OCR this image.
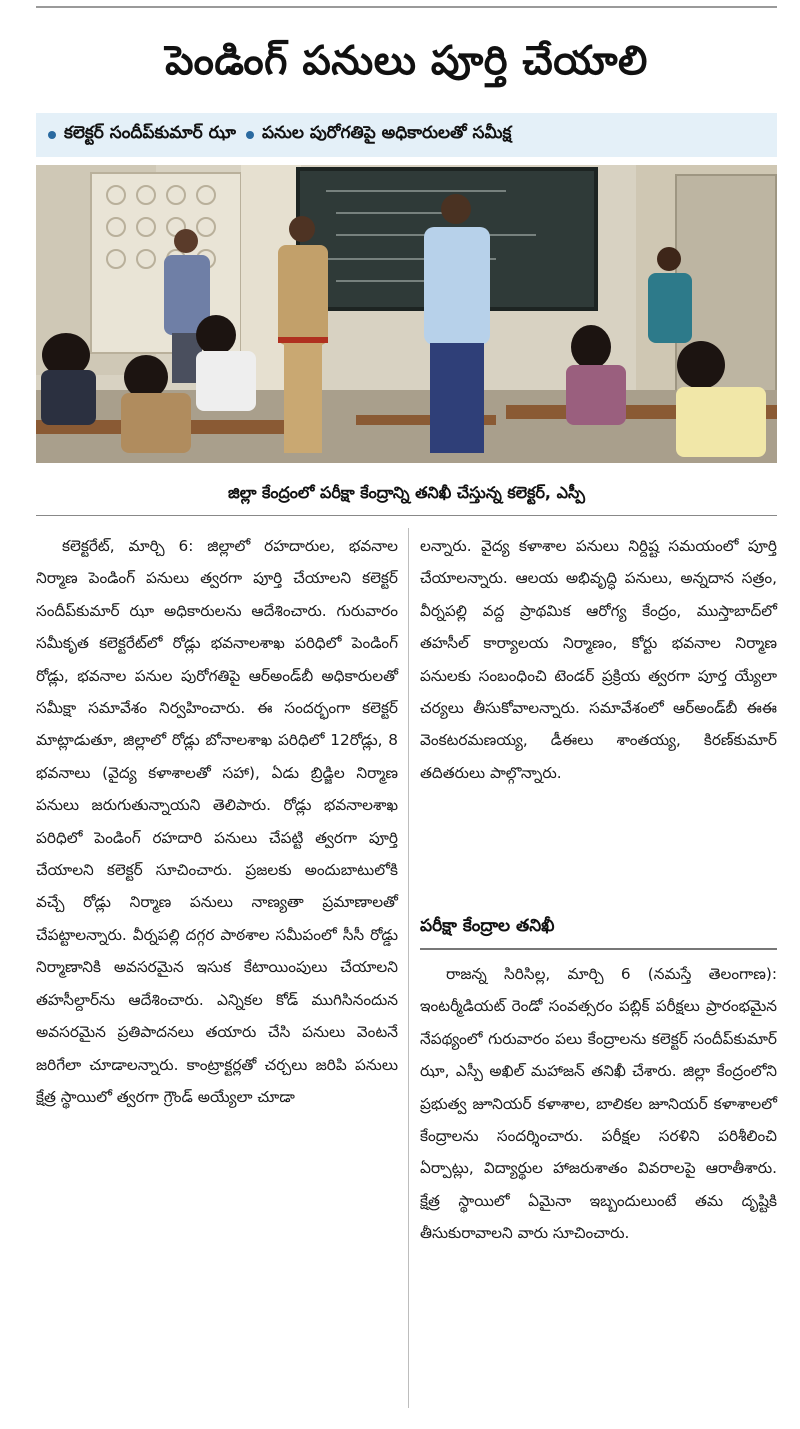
పెండింగ్ పనులు పూర్తి చేయాలి
కలెక్టర్ సందీప్‌కుమార్ ఝా పనుల పురోగతిపై అధికారులతో సమీక్ష
జిల్లా కేంద్రంలో పరీక్షా కేంద్రాన్ని తనిఖీ చేస్తున్న కలెక్టర్, ఎస్పీ

కలెక్టరేట్, మార్చి 6: జిల్లాలో రహదారుల, భవనాల నిర్మాణ పెండింగ్ పనులు త్వరగా పూర్తి చేయాలని కలెక్టర్ సందీప్‌కుమార్ ఝా అధికారులను ఆదేశించారు. గురువారం సమీకృత కలెక్టరేట్‌లో రోడ్లు భవనాలశాఖ పరిధిలో పెండింగ్ రోడ్లు, భవనాల పనుల పురోగతిపై ఆర్అండ్‌బీ అధికారులతో సమీక్షా సమావేశం నిర్వహించారు. ఈ సందర్భంగా కలెక్టర్ మాట్లాడుతూ, జిల్లాలో రోడ్లు బోనాలశాఖ పరిధిలో 12రోడ్లు, 8 భవనాలు (వైద్య కళాశాలతో సహా), ఏడు బ్రిడ్జిల నిర్మాణ పనులు జరుగుతున్నాయని తెలిపారు. రోడ్లు భవనాలశాఖ పరిధిలో పెండింగ్ రహదారి పనులు చేపట్టి త్వరగా పూర్తి చేయాలని కలెక్టర్ సూచించారు. ప్రజలకు అందుబాటులోకి వచ్చే రోడ్లు నిర్మాణ పనులు నాణ్యతా ప్రమాణాలతో చేపట్టాలన్నారు. వీర్నపల్లి దగ్గర పాఠశాల సమీపంలో సీసీ రోడ్డు నిర్మాణానికి అవసరమైన ఇసుక కేటాయింపులు చేయాలని తహసీల్దార్‌ను ఆదేశించారు. ఎన్నికల కోడ్ ముగిసినందున అవసరమైన ప్రతిపాదనలు తయారు చేసి పనులు వెంటనే జరిగేలా చూడాలన్నారు. కాంట్రాక్టర్లతో చర్చలు జరిపి పనులు క్షేత్ర స్థాయిలో త్వరగా గ్రౌండ్ అయ్యేలా చూడా

లన్నారు. వైద్య కళాశాల పనులు నిర్దిష్ట సమయంలో పూర్తి చేయాలన్నారు. ఆలయ అభివృద్ధి పనులు, అన్నదాన సత్రం, వీర్నపల్లి వద్ద ప్రాథమిక ఆరోగ్య కేంద్రం, ముస్తాబాద్‌లో తహసీల్ కార్యాలయ నిర్మాణం, కోర్టు భవనాల నిర్మాణ పనులకు సంబంధించి టెండర్ ప్రక్రియ త్వరగా పూర్త య్యేలా చర్యలు తీసుకోవాలన్నారు. సమావేశంలో ఆర్అండ్‌బీ ఈఈ వెంకటరమణయ్య, డీఈలు శాంతయ్య, కిరణ్‌కుమార్ తదితరులు పాల్గొన్నారు.

పరీక్షా కేంద్రాల తనిఖీ

రాజన్న సిరిసిల్ల, మార్చి 6 (నమస్తే తెలంగాణ): ఇంటర్మీడియట్ రెండో సంవత్సరం పబ్లిక్ పరీక్షలు ప్రారంభమైన నేపథ్యంలో గురువారం పలు కేంద్రాలను కలెక్టర్ సందీప్‌కుమార్ ఝా, ఎస్పీ అఖిల్ మహాజన్ తనిఖీ చేశారు. జిల్లా కేంద్రంలోని ప్రభుత్వ జూనియర్ కళాశాల, బాలికల జూనియర్ కళాశాలలో కేంద్రాలను సందర్శించారు. పరీక్షల సరళిని పరిశీలించి ఏర్పాట్లు, విద్యార్థుల హాజరుశాతం వివరాలపై ఆరాతీశారు. క్షేత్ర స్థాయిలో ఏమైనా ఇబ్బందులుంటే తమ దృష్టికి తీసుకురావాలని వారు సూచించారు.
